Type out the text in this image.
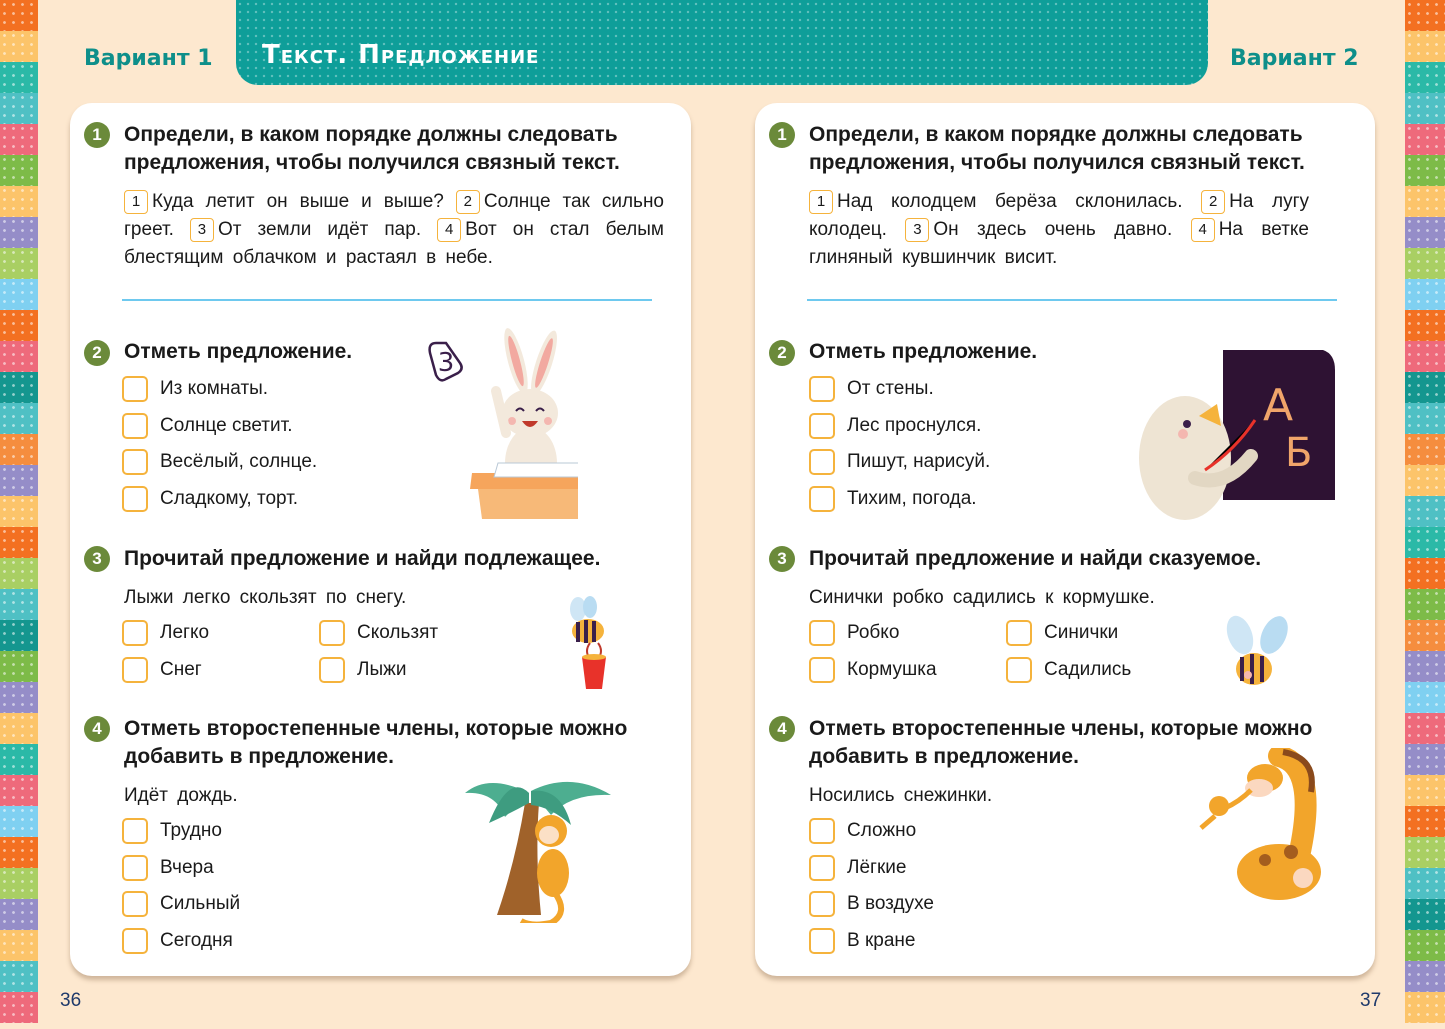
Текст. Предложение
Вариант 1	Вариант 2
1	Определи, в каком порядке должны следовать
предложения, чтобы получился связный текст.
1 Куда летит он выше и выше? 2 Солнце так сильно греет. 3 От земли идёт пар. 4 Вот он стал белым блестящим облачком и растаял в небе.
2	Отметь предложение.
Из комнаты.
Солнце светит.
Весёлый, солнце.
Сладкому, торт.
3
3	Прочитай предложение и найди подлежащее.
Лыжи легко скользят по снегу.
Легко	Скользят
Снег	Лыжи
4	Отметь второстепенные члены, которые можно
добавить в предложение.
Идёт дождь.
Трудно
Вчера
Сильный
Сегодня
1	Определи, в каком порядке должны следовать
предложения, чтобы получился связный текст.
1 Над колодцем берёза склонилась. 2 На лугу колодец. 3 Он здесь очень давно. 4 На ветке глиняный кувшинчик висит.
2	Отметь предложение.
От стены.
Лес проснулся.
Пишут, нарисуй.
Тихим, погода.
А
Б
3	Прочитай предложение и найди сказуемое.
Синички робко садились к кормушке.
Робко	Синички
Кормушка	Садились
4	Отметь второстепенные члены, которые можно
добавить в предложение.
Носились снежинки.
Сложно
Лёгкие
В воздухе
В кране
36	37
